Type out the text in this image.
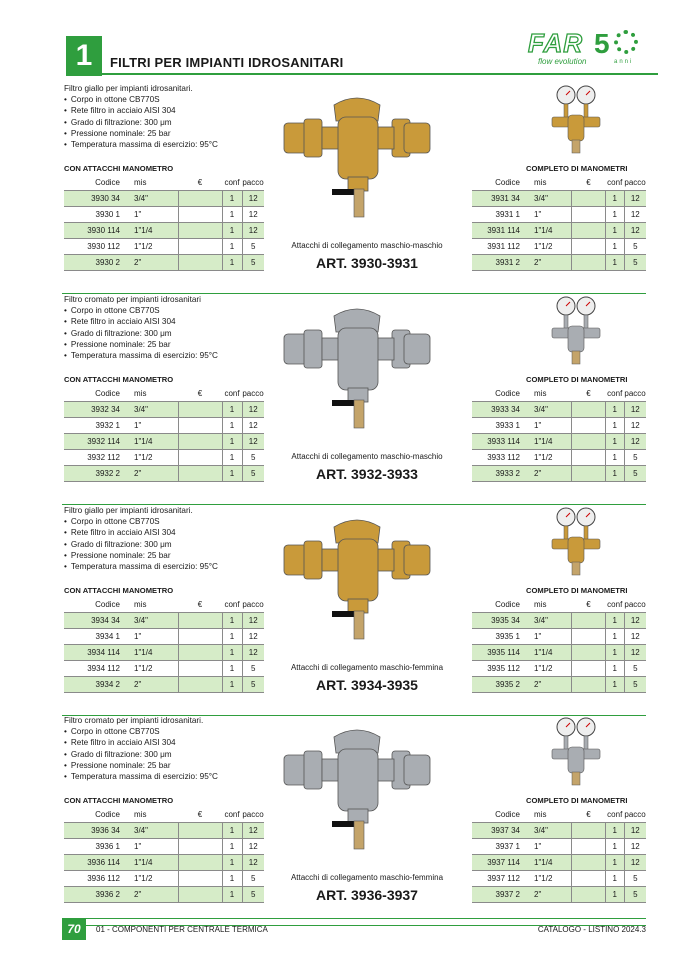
1	FILTRI PER IMPIANTI IDROSANITARI
FAR 5
flow evolution	anni
Filtro giallo per impianti idrosanitari.
• Corpo in ottone CB770S
• Rete filtro in acciaio AISI 304
• Grado di filtrazione: 300 μm
• Pressione nominale: 25 bar
• Temperatura massima di esercizio: 95°C
CON ATTACCHI MANOMETRO	COMPLETO DI MANOMETRI
Codice	mis	€	conf	pacco
3930 34	3/4"		1	12
3930 1	1"		1	12
3930 114	1"1/4		1	12
3930 112	1"1/2		1	5
3930 2	2"		1	5
Codice	mis	€	conf	pacco
3931 34	3/4"		1	12
3931 1	1"		1	12
3931 114	1"1/4		1	12
3931 112	1"1/2		1	5
3931 2	2"		1	5
Attacchi di collegamento maschio-maschio
ART. 3930-3931
Filtro cromato per impianti idrosanitari
• Corpo in ottone CB770S
• Rete filtro in acciaio AISI 304
• Grado di filtrazione: 300 μm
• Pressione nominale: 25 bar
• Temperatura massima di esercizio: 95°C
CON ATTACCHI MANOMETRO	COMPLETO DI MANOMETRI
Codice	mis	€	conf	pacco
3932 34	3/4"		1	12
3932 1	1"		1	12
3932 114	1"1/4		1	12
3932 112	1"1/2		1	5
3932 2	2"		1	5
Codice	mis	€	conf	pacco
3933 34	3/4"		1	12
3933 1	1"		1	12
3933 114	1"1/4		1	12
3933 112	1"1/2		1	5
3933 2	2"		1	5
Attacchi di collegamento maschio-maschio
ART. 3932-3933
Filtro giallo per impianti idrosanitari.
• Corpo in ottone CB770S
• Rete filtro in acciaio AISI 304
• Grado di filtrazione: 300 μm
• Pressione nominale: 25 bar
• Temperatura massima di esercizio: 95°C
CON ATTACCHI MANOMETRO	COMPLETO DI MANOMETRI
Codice	mis	€	conf	pacco
3934 34	3/4"		1	12
3934 1	1"		1	12
3934 114	1"1/4		1	12
3934 112	1"1/2		1	5
3934 2	2"		1	5
Codice	mis	€	conf	pacco
3935 34	3/4"		1	12
3935 1	1"		1	12
3935 114	1"1/4		1	12
3935 112	1"1/2		1	5
3935 2	2"		1	5
Attacchi di collegamento maschio-femmina
ART. 3934-3935
Filtro cromato per impianti idrosanitari.
• Corpo in ottone CB770S
• Rete filtro in acciaio AISI 304
• Grado di filtrazione: 300 μm
• Pressione nominale: 25 bar
• Temperatura massima di esercizio: 95°C
CON ATTACCHI MANOMETRO	COMPLETO DI MANOMETRI
Codice	mis	€	conf	pacco
3936 34	3/4"		1	12
3936 1	1"		1	12
3936 114	1"1/4		1	12
3936 112	1"1/2		1	5
3936 2	2"		1	5
Codice	mis	€	conf	pacco
3937 34	3/4"		1	12
3937 1	1"		1	12
3937 114	1"1/4		1	12
3937 112	1"1/2		1	5
3937 2	2"		1	5
Attacchi di collegamento maschio-femmina
ART. 3936-3937
70	01 - COMPONENTI PER CENTRALE TERMICA	CATALOGO - LISTINO 2024.3
